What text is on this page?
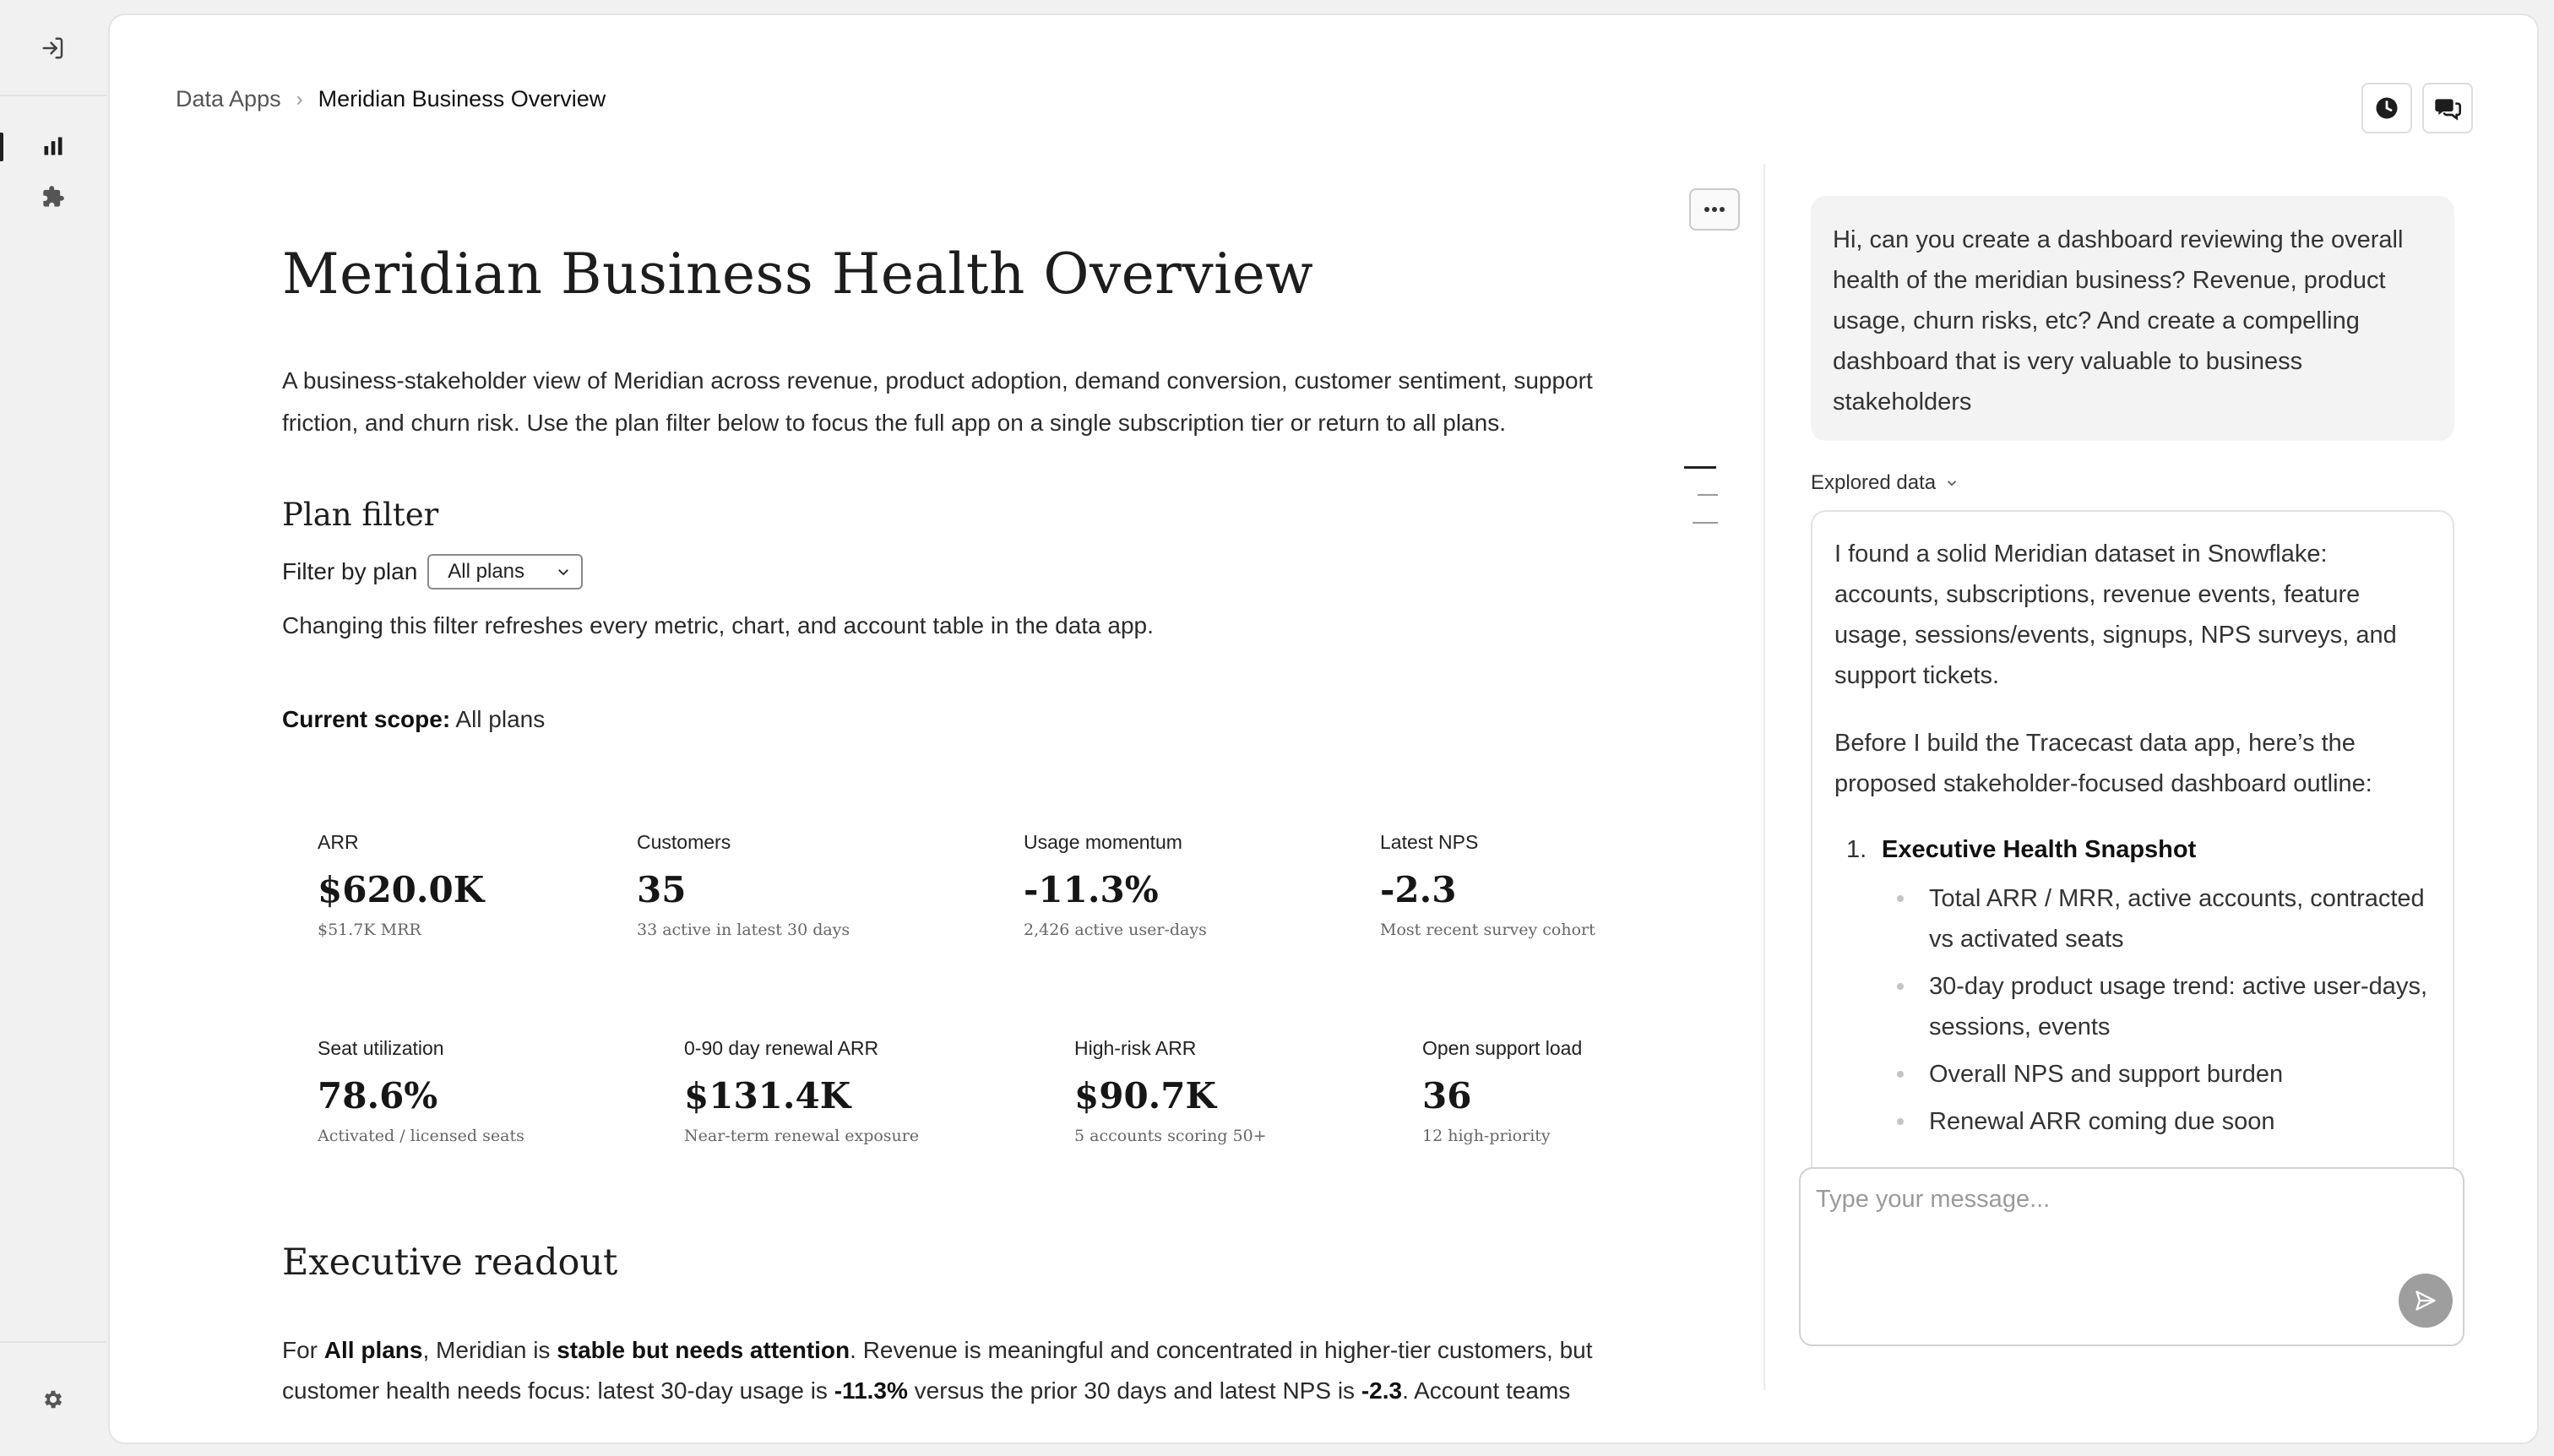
Data Apps › Meridian Business Overview
Meridian Business Health Overview

A business-stakeholder view of Meridian across revenue, product adoption, demand conversion, customer sentiment, support friction, and churn risk. Use the plan filter below to focus the full app on a single subscription tier or return to all plans.

Plan filter
Filter by plan All plans

Changing this filter refreshes every metric, chart, and account table in the data app.

Current scope: All plans

ARR
$620.0K
$51.7K MRR
Customers
35
33 active in latest 30 days
Usage momentum
-11.3%
2,426 active user-days
Latest NPS
-2.3
Most recent survey cohort
Seat utilization
78.6%
Activated / licensed seats
0-90 day renewal ARR
$131.4K
Near-term renewal exposure
High-risk ARR
$90.7K
5 accounts scoring 50+
Open support load
36
12 high-priority
Executive readout

For All plans, Meridian is stable but needs attention. Revenue is meaningful and concentrated in higher-tier customers, but customer health needs focus: latest 30-day usage is -11.3% versus the prior 30 days and latest NPS is -2.3. Account teams

Hi, can you create a dashboard reviewing the overall health of the meridian business? Revenue, product usage, churn risks, etc? And create a compelling dashboard that is very valuable to business stakeholders
Explored data

I found a solid Meridian dataset in Snowflake: accounts, subscriptions, revenue events, feature usage, sessions/events, signups, NPS surveys, and support tickets.

Before I build the Tracecast data app, here’s the proposed stakeholder-focused dashboard outline:

1. Executive Health Snapshot
Total ARR / MRR, active accounts, contracted vs activated seats
30-day product usage trend: active user-days, sessions, events
Overall NPS and support burden
Renewal ARR coming due soon
Type your message...
